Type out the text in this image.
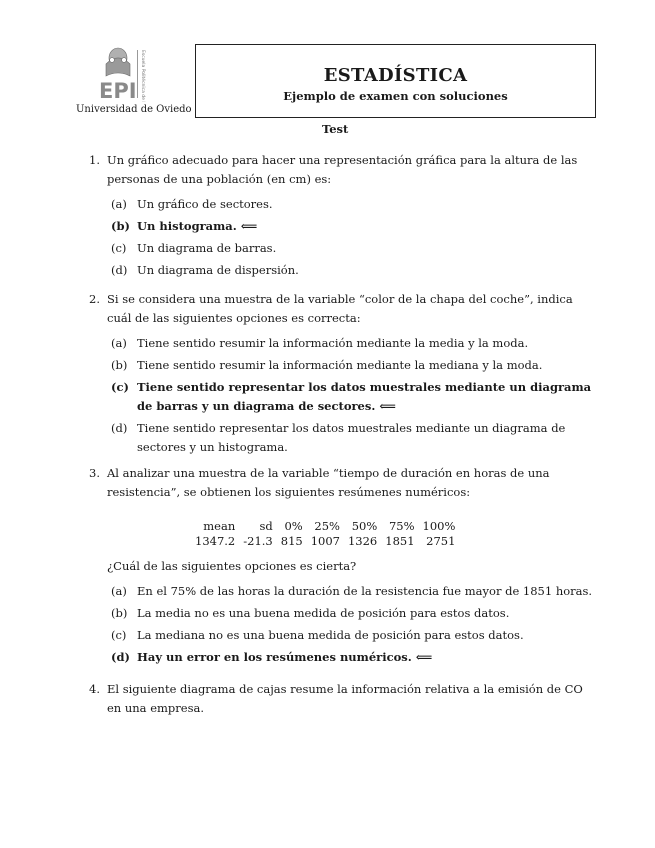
EPI Escuela Politécnica de Ingeniería de Gijón
Universidad de Oviedo
ESTADÍSTICA
Ejemplo de examen con soluciones
Test
1. Un gráfico adecuado para hacer una representación gráfica para la altura de las personas de una población (en cm) es:
(a) Un gráfico de sectores.
(b) Un histograma. ⟸
(c) Un diagrama de barras.
(d) Un diagrama de dispersión.
2. Si se considera una muestra de la variable “color de la chapa del coche”, indica cuál de las siguientes opciones es correcta:
(a) Tiene sentido resumir la información mediante la media y la moda.
(b) Tiene sentido resumir la información mediante la mediana y la moda.
(c) Tiene sentido representar los datos muestrales mediante un diagrama de barras y un diagrama de sectores. ⟸
(d) Tiene sentido representar los datos muestrales mediante un diagrama de sectores y un histograma.
3. Al analizar una muestra de la variable “tiempo de duración en horas de una resistencia”, se obtienen los siguientes resúmenes numéricos:
mean	sd	0%	25%	50%	75%	100%
1347.2	-21.3	815	1007	1326	1851	2751
¿Cuál de las siguientes opciones es cierta?
(a) En el 75% de las horas la duración de la resistencia fue mayor de 1851 horas.
(b) La media no es una buena medida de posición para estos datos.
(c) La mediana no es una buena medida de posición para estos datos.
(d) Hay un error en los resúmenes numéricos. ⟸
4. El siguiente diagrama de cajas resume la información relativa a la emisión de CO en una empresa.
